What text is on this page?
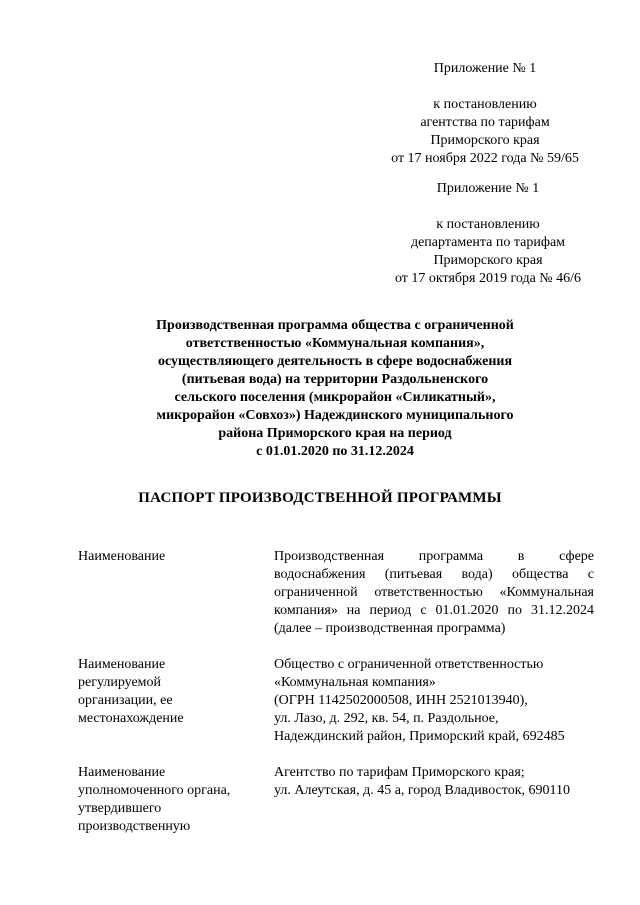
Приложение № 1
к постановлению
агентства по тарифам
Приморского края
от 17 ноября 2022 года № 59/65
Приложение № 1
к постановлению
департамента по тарифам
Приморского края
от 17 октября 2019 года № 46/6
Производственная программа общества с ограниченной
ответственностью «Коммунальная компания»,
осуществляющего деятельность в сфере водоснабжения
(питьевая вода) на территории Раздольненского
сельского поселения (микрорайон «Силикатный»,
микрорайон «Совхоз») Надеждинского муниципального
района Приморского края на период
с 01.01.2020 по 31.12.2024
ПАСПОРТ ПРОИЗВОДСТВЕННОЙ ПРОГРАММЫ
Наименование	Производственная программа в сфере
водоснабжения (питьевая вода) общества с
ограниченной ответственностью «Коммунальная
компания» на период с 01.01.2020 по 31.12.2024
(далее – производственная программа)
Наименование
регулируемой
организации, ее
местонахождение
Общество с ограниченной ответственностью
«Коммунальная компания»
(ОГРН 1142502000508, ИНН 2521013940),
ул. Лазо, д. 292, кв. 54, п. Раздольное,
Надеждинский район, Приморский край, 692485
Наименование
уполномоченного органа,
утвердившего
производственную
Агентство по тарифам Приморского края;
ул. Алеутская, д. 45 а, город Владивосток, 690110
